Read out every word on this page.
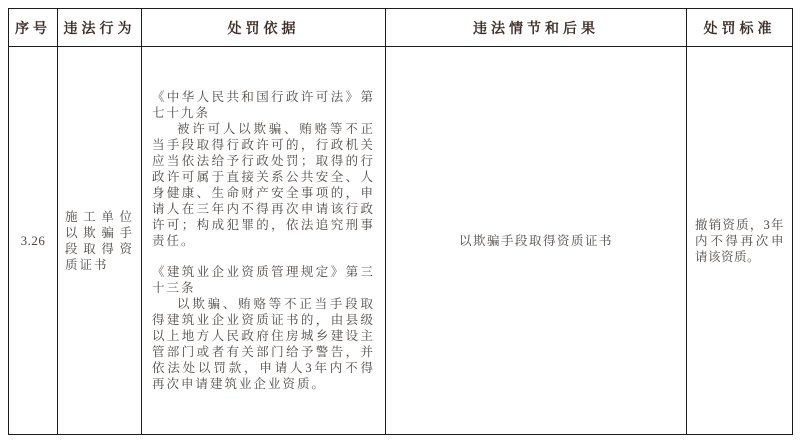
序号	违法行为	处罚依据	违法情节和后果	处罚标准
3.26	施工单位以欺骗手段取得资质证书	《中华人民共和国行政许可法》第七十九条
被许可人以欺骗、贿赂等不正当手段取得行政许可的，行政机关应当依法给予行政处罚；取得的行政许可属于直接关系公共安全、人身健康、生命财产安全事项的，申请人在三年内不得再次申请该行政许可；构成犯罪的，依法追究刑事责任。
《建筑业企业资质管理规定》第三十三条
以欺骗、贿赂等不正当手段取得建筑业企业资质证书的，由县级以上地方人民政府住房城乡建设主管部门或者有关部门给予警告，并依法处以罚款，申请人3年内不得再次申请建筑业企业资质。	以欺骗手段取得资质证书	撤销资质，3年内不得再次申请该资质。
